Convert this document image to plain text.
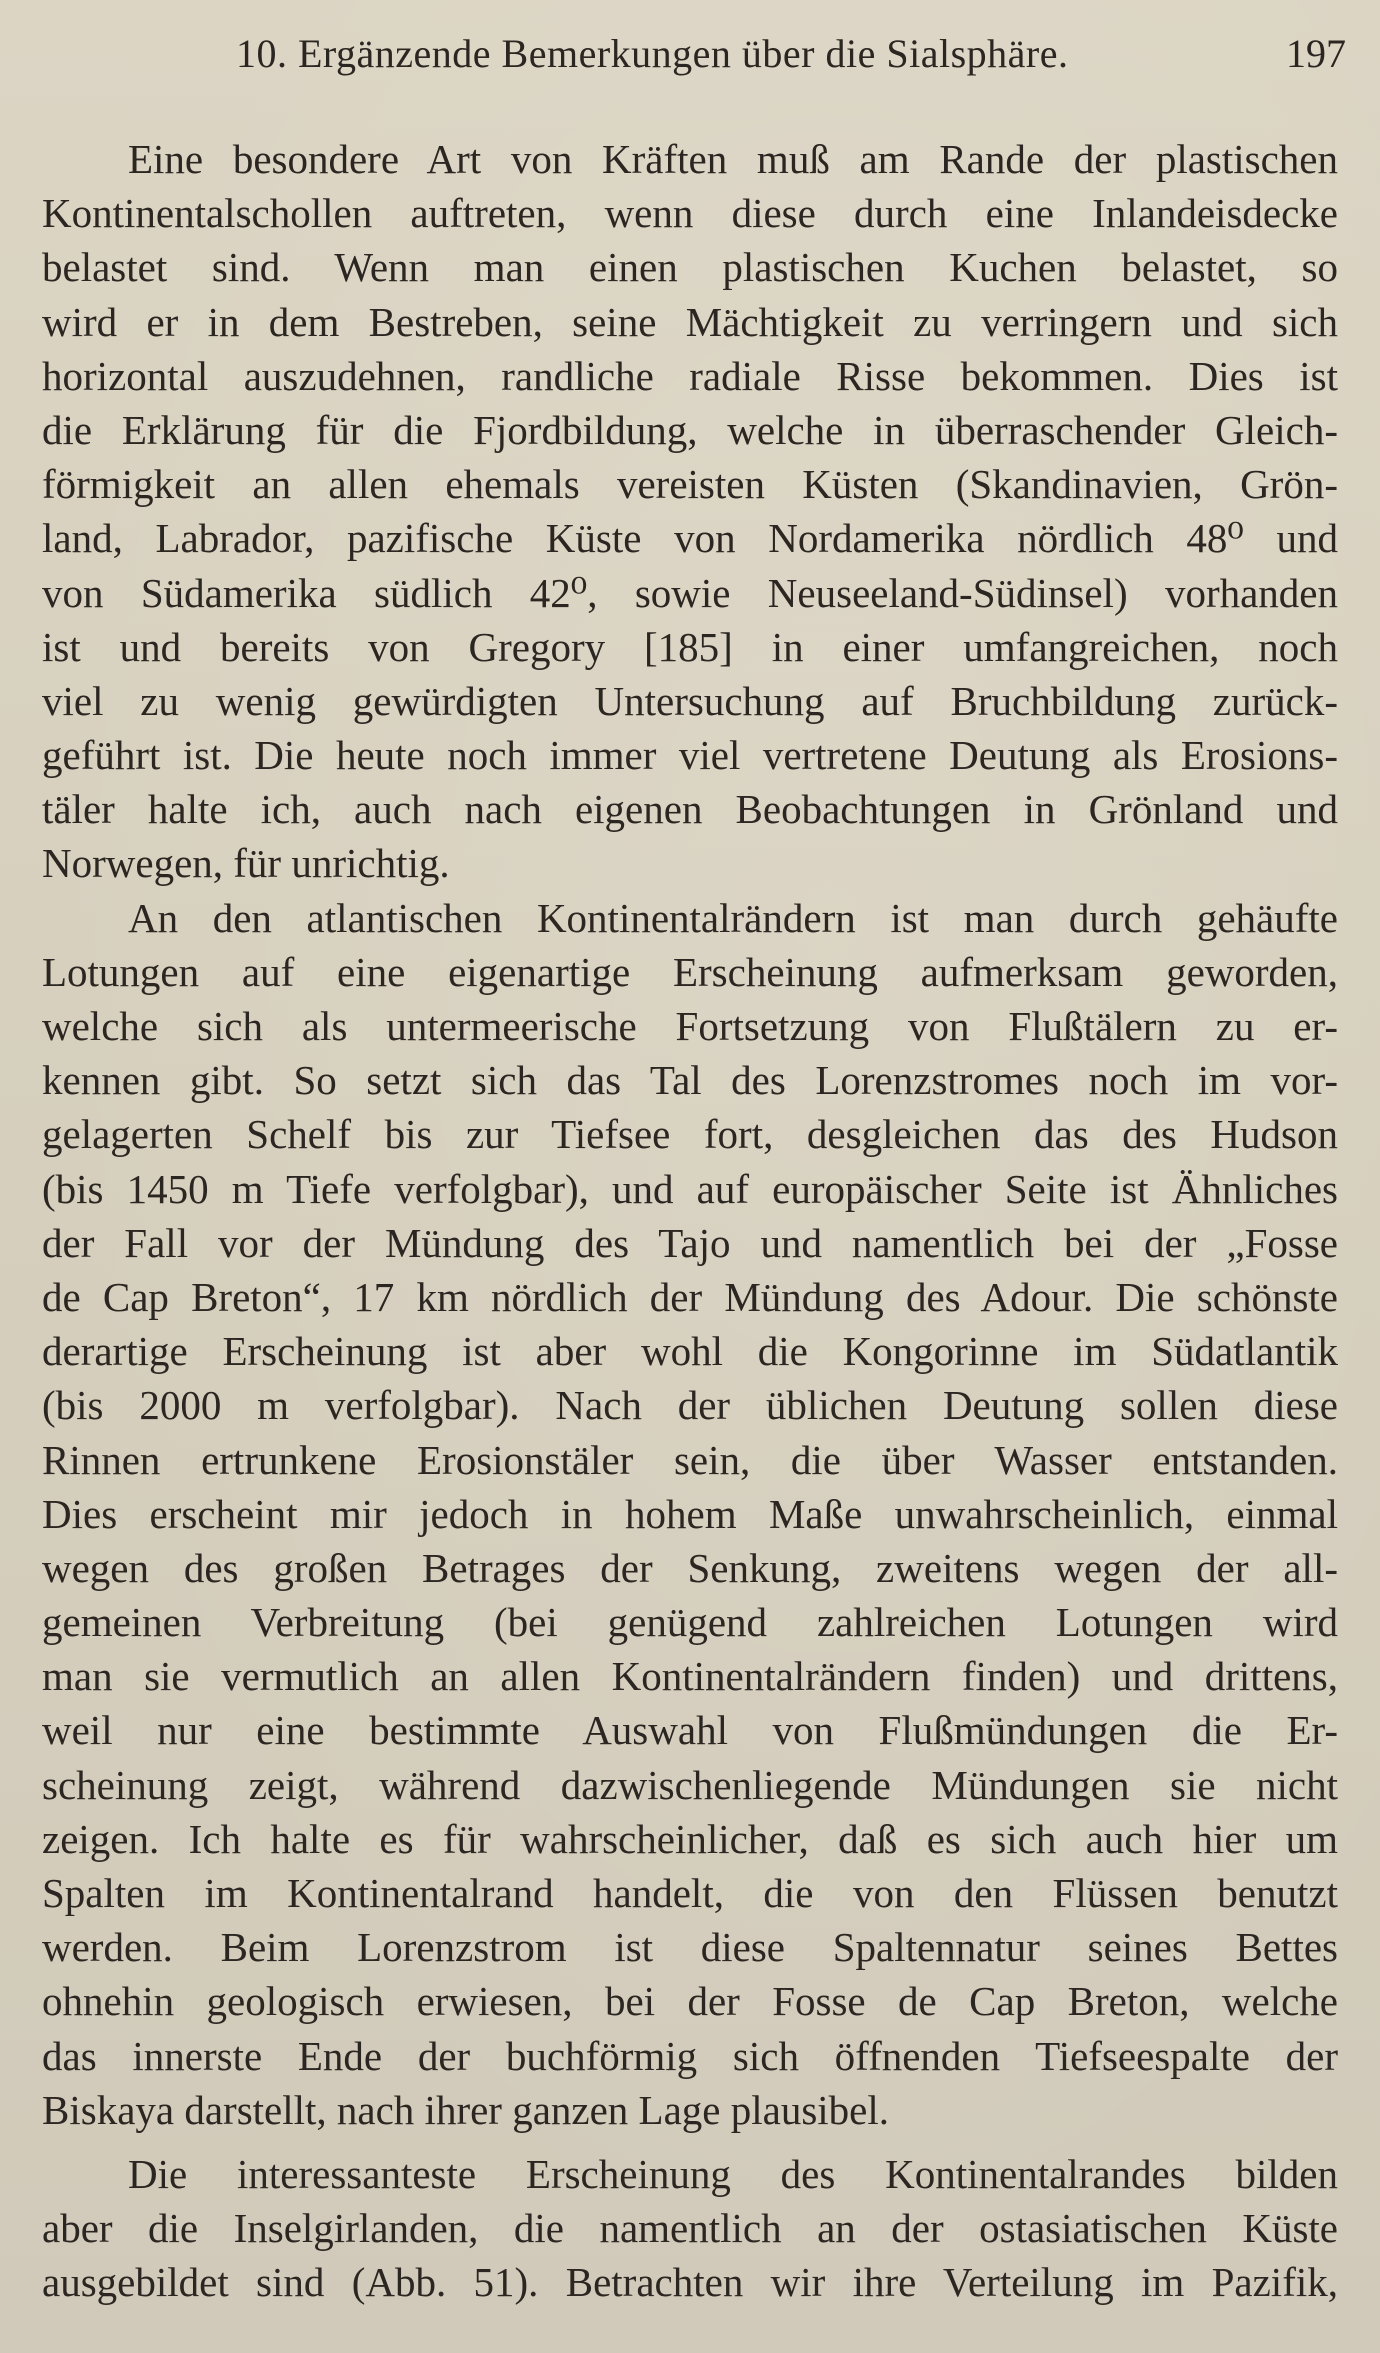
10. Ergänzende Bemerkungen über die Sialsphäre.	197
Eine besondere Art von Kräften muß am Rande der plastischen
Kontinentalschollen auftreten, wenn diese durch eine Inlandeisdecke
belastet sind. Wenn man einen plastischen Kuchen belastet, so
wird er in dem Bestreben, seine Mächtigkeit zu verringern und sich
horizontal auszudehnen, randliche radiale Risse bekommen. Dies ist
die Erklärung für die Fjordbildung, welche in überraschender Gleich-
förmigkeit an allen ehemals vereisten Küsten (Skandinavien, Grön-
land, Labrador, pazifische Küste von Nordamerika nördlich 48⁰ und
von Südamerika südlich 42⁰, sowie Neuseeland-Südinsel) vorhanden
ist und bereits von Gregory [185] in einer umfangreichen, noch
viel zu wenig gewürdigten Untersuchung auf Bruchbildung zurück-
geführt ist. Die heute noch immer viel vertretene Deutung als Erosions-
täler halte ich, auch nach eigenen Beobachtungen in Grönland und
Norwegen, für unrichtig.
An den atlantischen Kontinentalrändern ist man durch gehäufte
Lotungen auf eine eigenartige Erscheinung aufmerksam geworden,
welche sich als untermeerische Fortsetzung von Flußtälern zu er-
kennen gibt. So setzt sich das Tal des Lorenzstromes noch im vor-
gelagerten Schelf bis zur Tiefsee fort, desgleichen das des Hudson
(bis 1450 m Tiefe verfolgbar), und auf europäischer Seite ist Ähnliches
der Fall vor der Mündung des Tajo und namentlich bei der „Fosse
de Cap Breton“, 17 km nördlich der Mündung des Adour. Die schönste
derartige Erscheinung ist aber wohl die Kongorinne im Südatlantik
(bis 2000 m verfolgbar). Nach der üblichen Deutung sollen diese
Rinnen ertrunkene Erosionstäler sein, die über Wasser entstanden.
Dies erscheint mir jedoch in hohem Maße unwahrscheinlich, einmal
wegen des großen Betrages der Senkung, zweitens wegen der all-
gemeinen Verbreitung (bei genügend zahlreichen Lotungen wird
man sie vermutlich an allen Kontinentalrändern finden) und drittens,
weil nur eine bestimmte Auswahl von Flußmündungen die Er-
scheinung zeigt, während dazwischenliegende Mündungen sie nicht
zeigen. Ich halte es für wahrscheinlicher, daß es sich auch hier um
Spalten im Kontinentalrand handelt, die von den Flüssen benutzt
werden. Beim Lorenzstrom ist diese Spaltennatur seines Bettes
ohnehin geologisch erwiesen, bei der Fosse de Cap Breton, welche
das innerste Ende der buchförmig sich öffnenden Tiefseespalte der
Biskaya darstellt, nach ihrer ganzen Lage plausibel.
Die interessanteste Erscheinung des Kontinentalrandes bilden
aber die Inselgirlanden, die namentlich an der ostasiatischen Küste
ausgebildet sind (Abb. 51). Betrachten wir ihre Verteilung im Pazifik,
